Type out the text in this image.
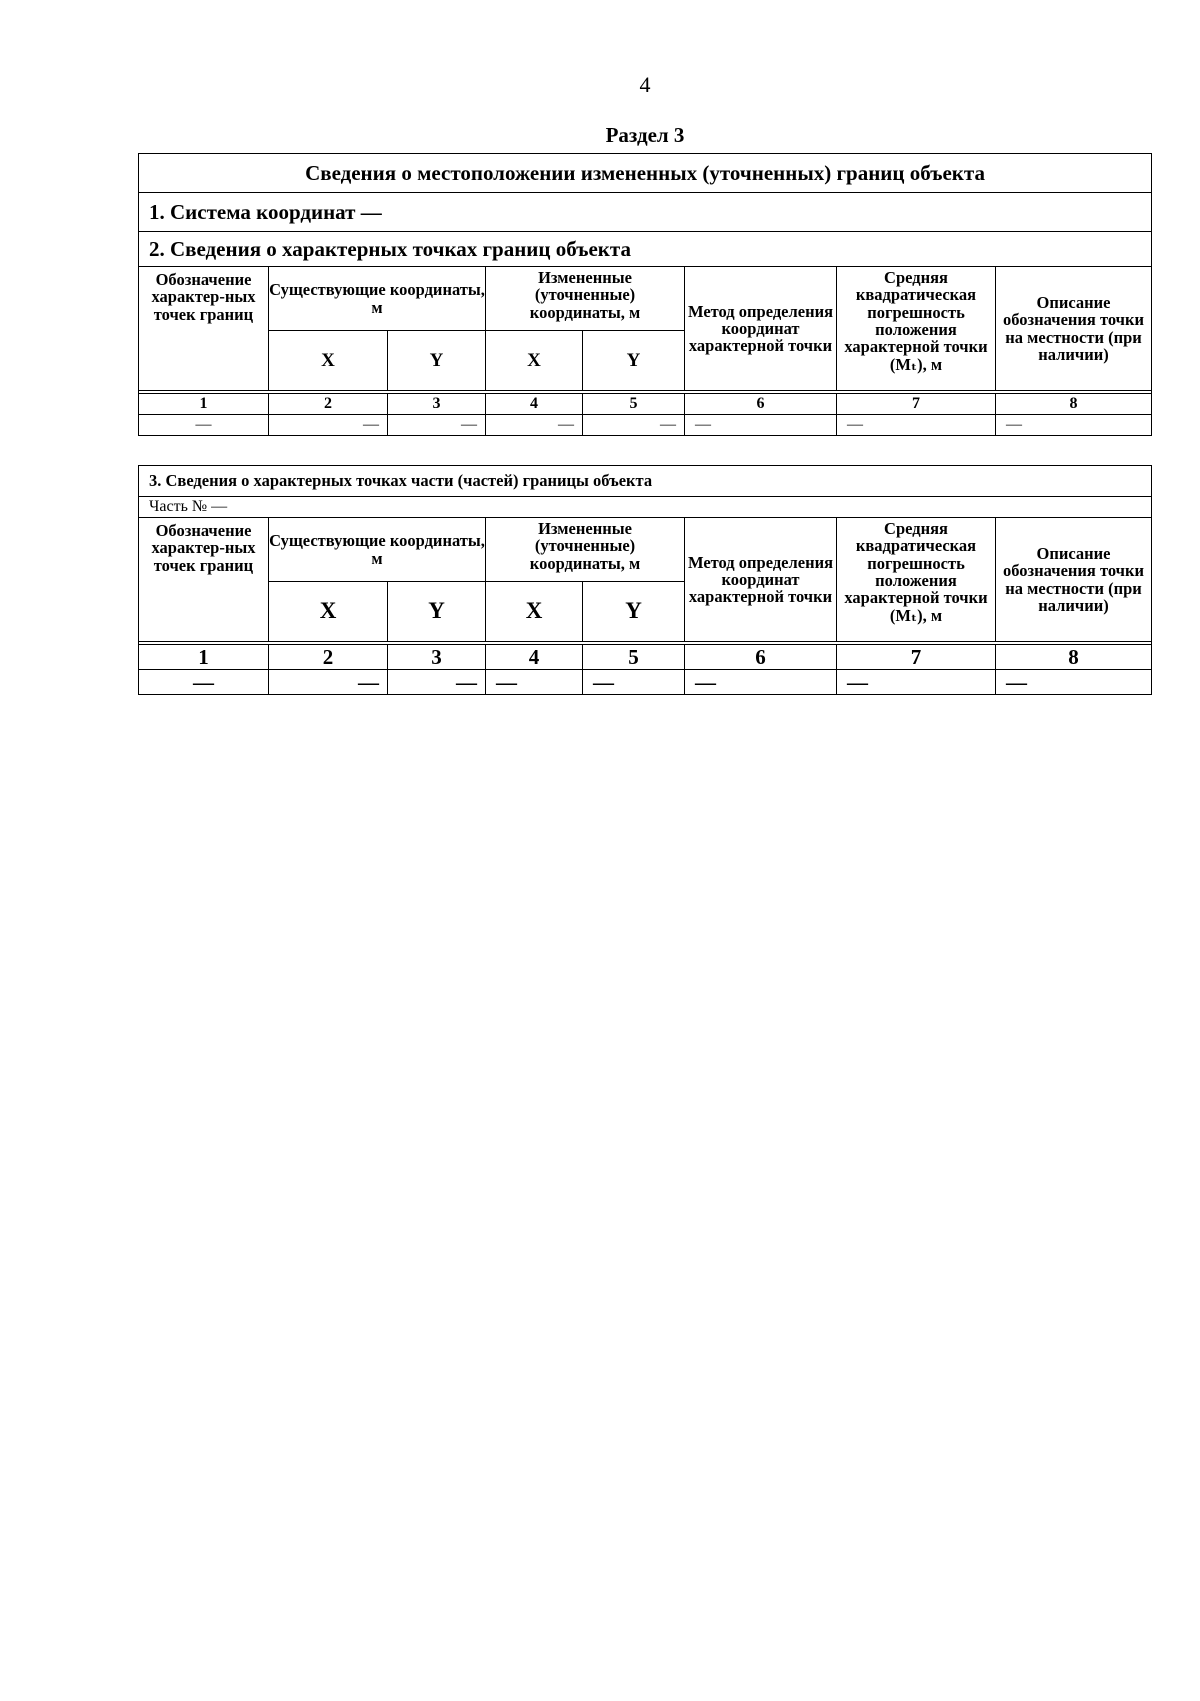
4
Раздел 3
Сведения о местоположении измененных (уточненных) границ объекта							
1. Система координат —							
2. Сведения о характерных точках границ объекта							
Обозначение характер-ных точек границ	Существующие координаты, м		Измененные (уточненные) координаты, м		Метод определения координат характерной точки	Средняя квадратическая погрешность положения характерной точки (Mₜ), м	Описание обозначения точки на местности (при наличии)
	X	Y	X	Y			

1	2	3	4	5	6	7	8
—	—	—	—	—	—	—	—
3. Сведения о характерных точках части (частей) границы объекта							
Часть № —							
Обозначение характер-ных точек границ	Существующие координаты, м		Измененные (уточненные) координаты, м		Метод определения координат характерной точки	Средняя квадратическая погрешность положения характерной точки (Mₜ), м	Описание обозначения точки на местности (при наличии)
	X	Y	X	Y			

1	2	3	4	5	6	7	8
—	—	—	—	—	—	—	—
